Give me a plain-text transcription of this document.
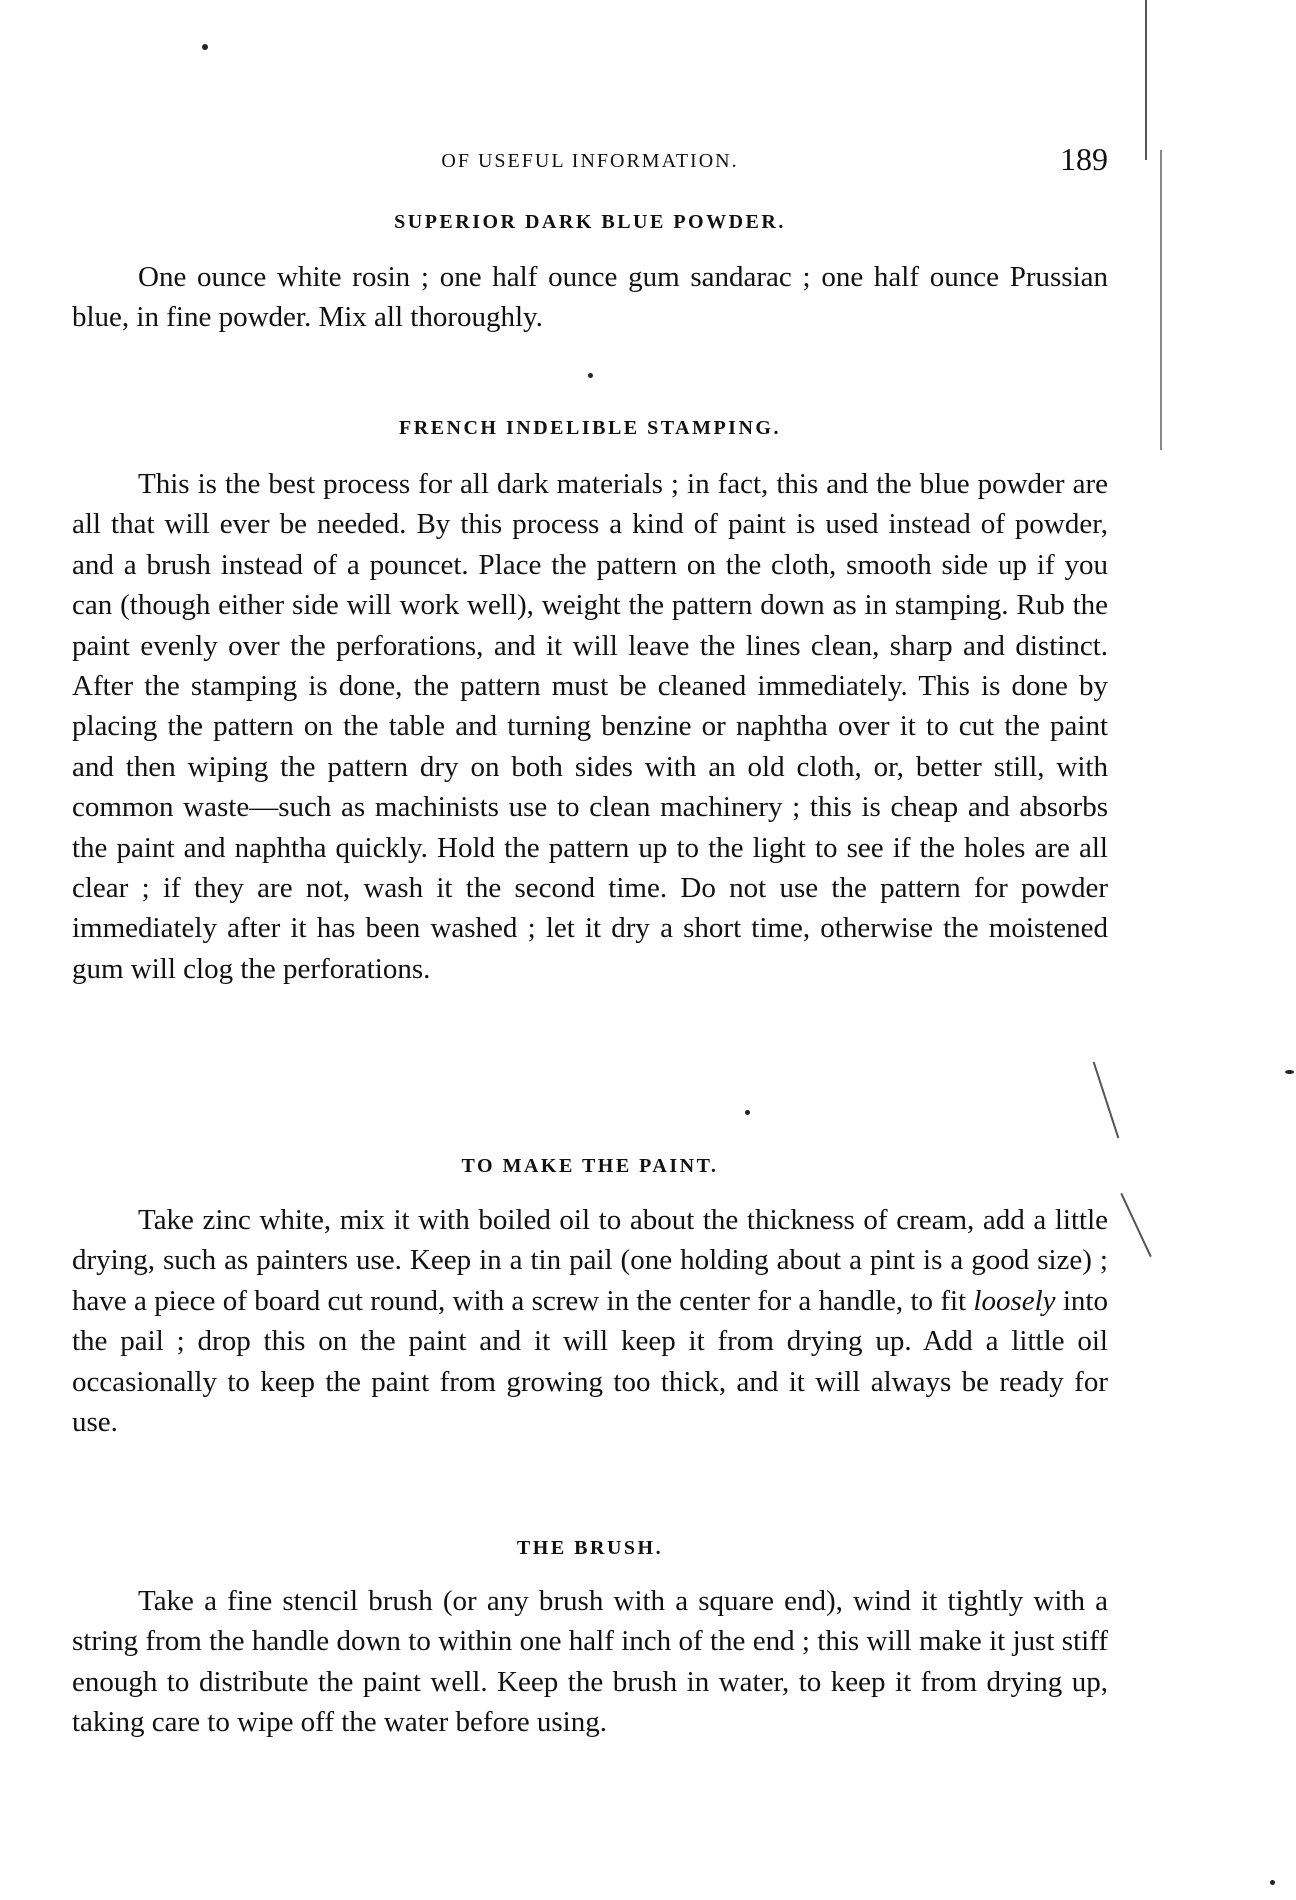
OF USEFUL INFORMATION.	189
SUPERIOR DARK BLUE POWDER.

One ounce white rosin ; one half ounce gum sandarac ; one half ounce Prussian blue, in fine powder. Mix all thoroughly.

FRENCH INDELIBLE STAMPING.

This is the best process for all dark materials ; in fact, this and the blue powder are all that will ever be needed. By this process a kind of paint is used instead of powder, and a brush instead of a pouncet. Place the pattern on the cloth, smooth side up if you can (though either side will work well), weight the pattern down as in stamping. Rub the paint evenly over the perforations, and it will leave the lines clean, sharp and distinct. After the stamping is done, the pattern must be cleaned immediately. This is done by placing the pattern on the table and turning benzine or naphtha over it to cut the paint and then wiping the pattern dry on both sides with an old cloth, or, better still, with common waste—such as machinists use to clean machinery ; this is cheap and absorbs the paint and naphtha quickly. Hold the pattern up to the light to see if the holes are all clear ; if they are not, wash it the second time. Do not use the pattern for powder immediately after it has been washed ; let it dry a short time, otherwise the moistened gum will clog the perforations.

TO MAKE THE PAINT.

Take zinc white, mix it with boiled oil to about the thickness of cream, add a little drying, such as painters use. Keep in a tin pail (one holding about a pint is a good size) ; have a piece of board cut round, with a screw in the center for a handle, to fit loosely into the pail ; drop this on the paint and it will keep it from drying up. Add a little oil occasionally to keep the paint from growing too thick, and it will always be ready for use.

THE BRUSH.

Take a fine stencil brush (or any brush with a square end), wind it tightly with a string from the handle down to within one half inch of the end ; this will make it just stiff enough to distribute the paint well. Keep the brush in water, to keep it from drying up, taking care to wipe off the water before using.
